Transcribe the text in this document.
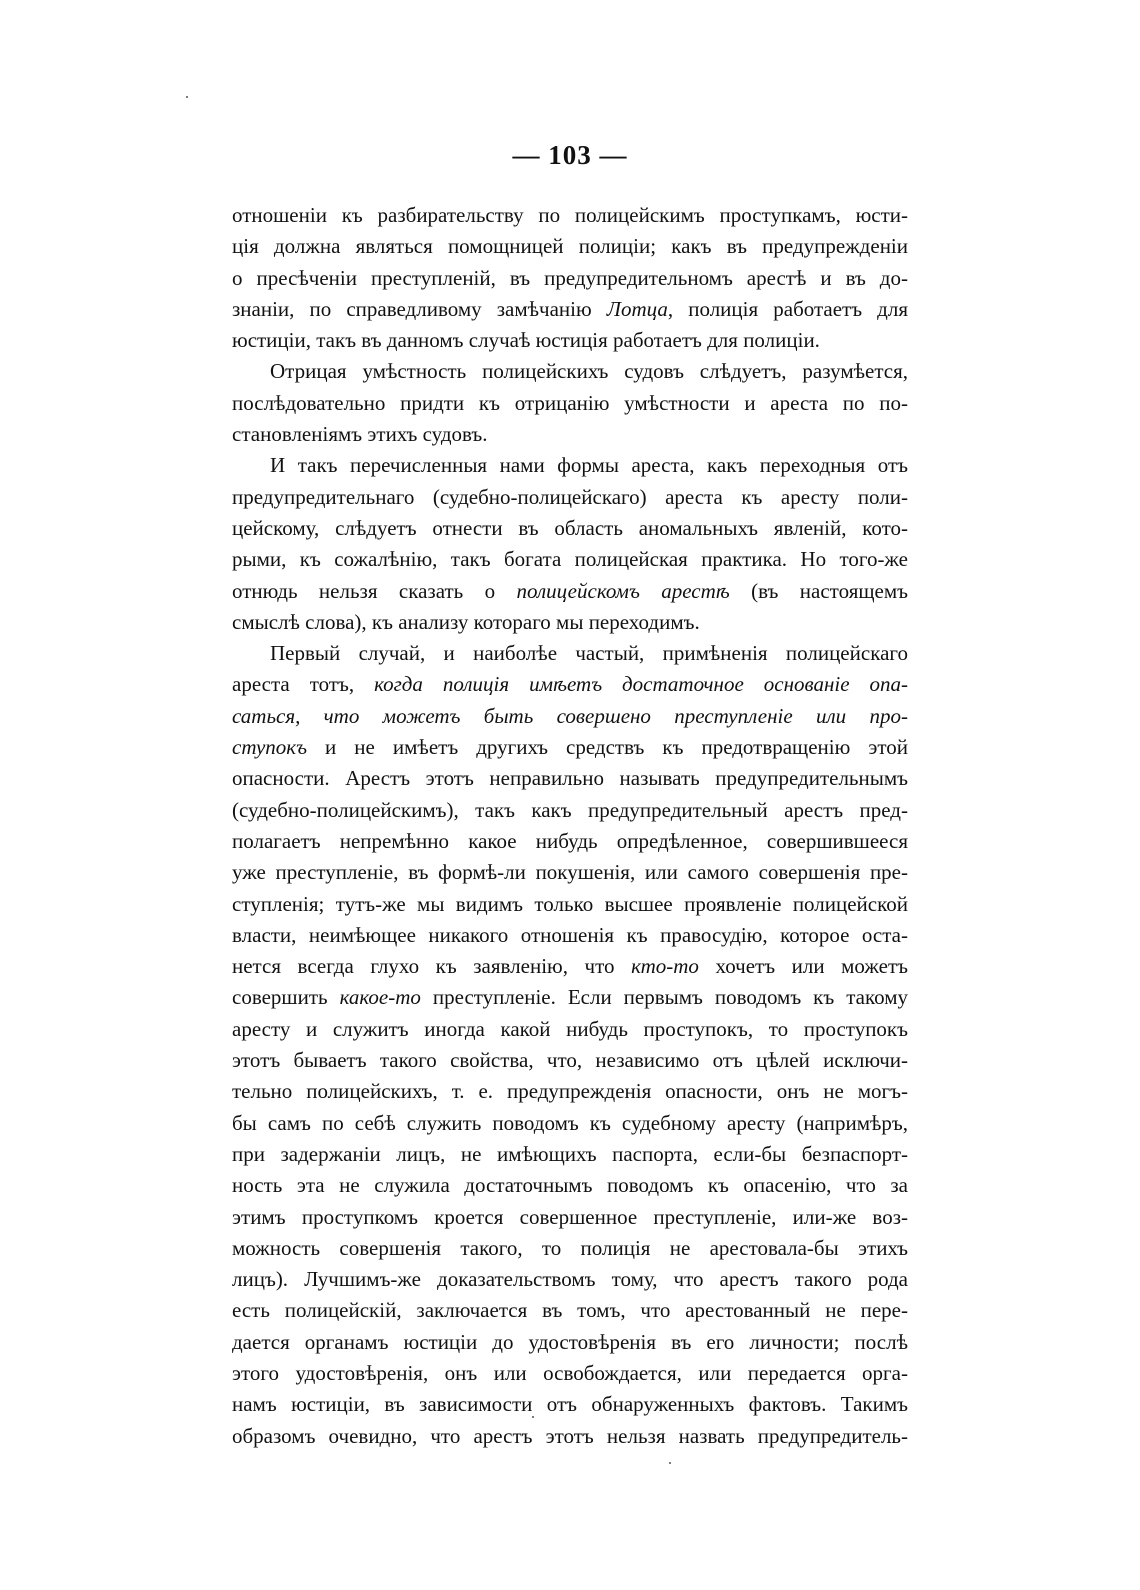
— 103 —
отношеніи къ разбирательству по полицейскимъ проступкамъ, юсти-
ція должна являться помощницей полиціи; какъ въ предупрежденіи
о пресѣченіи преступленій, въ предупредительномъ арестѣ и въ до-
знаніи, по справедливому замѣчанію Лотца, полиція работаетъ для
юстиціи, такъ въ данномъ случаѣ юстиція работаетъ для полиціи.
Отрицая умѣстность полицейскихъ судовъ слѣдуетъ, разумѣется,
послѣдовательно придти къ отрицанію умѣстности и ареста по по-
становленіямъ этихъ судовъ.
И такъ перечисленныя нами формы ареста, какъ переходныя отъ
предупредительнаго (судебно-полицейскаго) ареста къ аресту поли-
цейскому, слѣдуетъ отнести въ область аномальныхъ явленій, кото-
рыми, къ сожалѣнію, такъ богата полицейская практика. Но того-же
отнюдь нельзя сказать о полицейскомъ арестѣ (въ настоящемъ
смыслѣ слова), къ анализу котораго мы переходимъ.
Первый случай, и наиболѣе частый, примѣненія полицейскаго
ареста тотъ, когда полиція имѣетъ достаточное основаніе опа-
саться, что можетъ быть совершено преступленіе или про-
ступокъ и не имѣетъ другихъ средствъ къ предотвращенію этой
опасности. Арестъ этотъ неправильно называть предупредительнымъ
(судебно-полицейскимъ), такъ какъ предупредительный арестъ пред-
полагаетъ непремѣнно какое нибудь опредѣленное, совершившееся
уже преступленіе, въ формѣ-ли покушенія, или самого совершенія пре-
ступленія; тутъ-же мы видимъ только высшее проявленіе полицейской
власти, неимѣющее никакого отношенія къ правосудію, которое оста-
нется всегда глухо къ заявленію, что кто-то хочетъ или можетъ
совершить какое-то преступленіе. Если первымъ поводомъ къ такому
аресту и служитъ иногда какой нибудь проступокъ, то проступокъ
этотъ бываетъ такого свойства, что, независимо отъ цѣлей исключи-
тельно полицейскихъ, т. е. предупрежденія опасности, онъ не могъ-
бы самъ по себѣ служить поводомъ къ судебному аресту (напримѣръ,
при задержаніи лицъ, не имѣющихъ паспорта, если-бы безпаспорт-
ность эта не служила достаточнымъ поводомъ къ опасенію, что за
этимъ проступкомъ кроется совершенное преступленіе, или-же воз-
можность совершенія такого, то полиція не арестовала-бы этихъ
лицъ). Лучшимъ-же доказательствомъ тому, что арестъ такого рода
есть полицейскій, заключается въ томъ, что арестованный не пере-
дается органамъ юстиціи до удостовѣренія въ его личности; послѣ
этого удостовѣренія, онъ или освобождается, или передается орга-
намъ юстиціи, въ зависимости отъ обнаруженныхъ фактовъ. Такимъ
образомъ очевидно, что арестъ этотъ нельзя назвать предупредитель-
